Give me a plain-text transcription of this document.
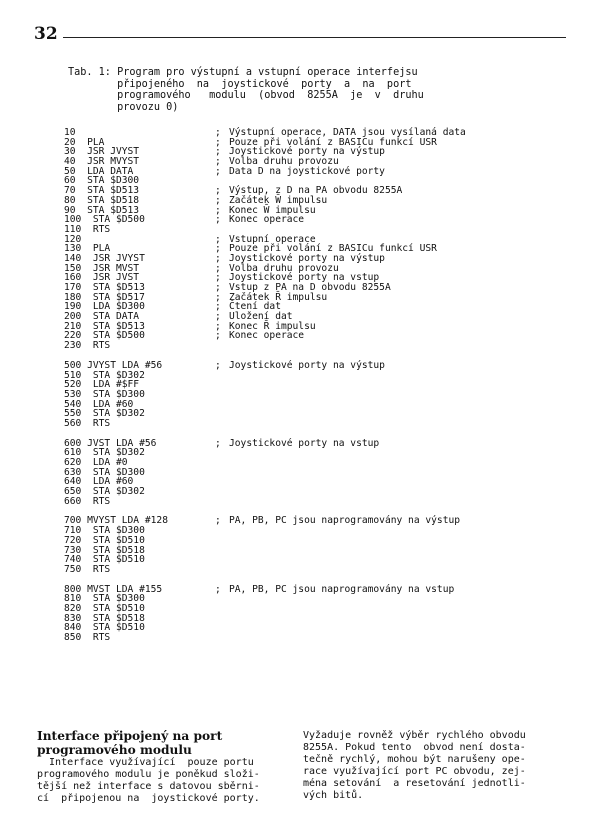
32
Tab. 1: Program pro výstupní a vstupní operace interfejsu
připojeného  na  joystickové  porty  a  na  port
programového   modulu  (obvod  8255A  je  v  druhu
provozu 0)
10	; Výstupní operace, DATA jsou vysílaná data
20  PLA	; Pouze při volání z BASICu funkcí USR
30  JSR JVYST	; Joystickové porty na výstup
40  JSR MVYST	; Volba druhu provozu
50  LDA DATA	; Data D na joystickové porty
60  STA $D300
70  STA $D513	; Výstup, z D na PA obvodu 8255A
80  STA $D518	; Začátek W̄ impulsu
90  STA $D513	; Konec W̄ impulsu
100  STA $D500	; Konec operace
110  RTS
120	; Vstupní operace
130  PLA	; Pouze při volání z BASICu funkcí USR
140  JSR JVYST	; Joystickové porty na výstup
150  JSR MVST	; Volba druhu provozu
160  JSR JVST	; Joystickové porty na vstup
170  STA $D513	; Vstup z PA na D obvodu 8255A
180  STA $D517	; Začátek R̄ impulsu
190  LDA $D300	; Čtení dat
200  STA DATA	; Uložení dat
210  STA $D513	; Konec R̄ impulsu
220  STA $D500	; Konec operace
230  RTS
500 JVYST LDA #56	; Joystickové porty na výstup
510  STA $D302
520  LDA #$FF
530  STA $D300
540  LDA #60
550  STA $D302
560  RTS
600 JVST LDA #56	; Joystickové porty na vstup
610  STA $D302
620  LDA #0
630  STA $D300
640  LDA #60
650  STA $D302
660  RTS
700 MVYST LDA #128	; PA, PB, PC jsou naprogramovány na výstup
710  STA $D300
720  STA $D510
730  STA $D518
740  STA $D510
750  RTS
800 MVST LDA #155	; PA, PB, PC jsou naprogramovány na vstup
810  STA $D300
820  STA $D510
830  STA $D518
840  STA $D510
850  RTS

Interface připojený na port
programového modulu

Interface využívající  pouze portu
programového modulu je poněkud složi-
tější než interface s datovou sběrni-
cí  připojenou na  joystickové porty.

Vyžaduje rovněž výběr rychlého obvodu
8255A. Pokud tento  obvod není dosta-
tečně rychlý, mohou být narušeny ope-
race využívající port PC obvodu, zej-
ména setování  a resetování jednotli-
vých bitů.
